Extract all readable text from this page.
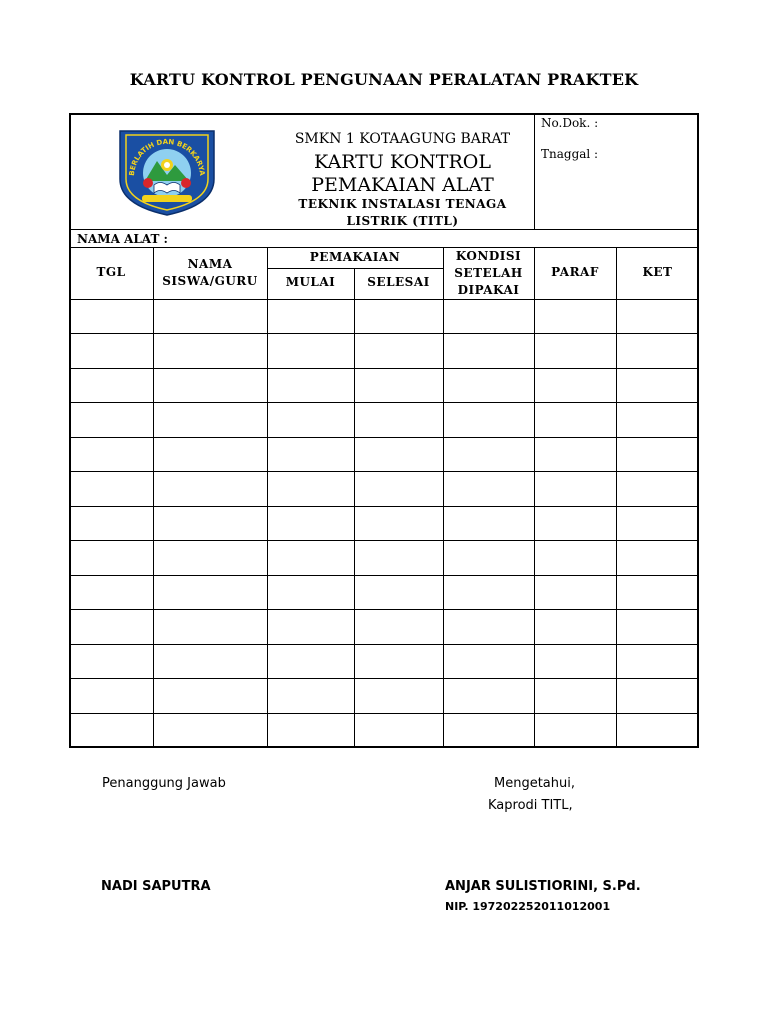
KARTU KONTROL PENGUNAAN PERALATAN PRAKTEK
BERLATIH DAN BERKARYA
SMKN 1 KOTAAGUNG BARAT
KARTU KONTROL
PEMAKAIAN ALAT
TEKNIK INSTALASI TENAGA
LISTRIK (TITL)
No.Dok. :
Tnaggal :
NAMA ALAT :
TGL
NAMA
SISWA/GURU
PEMAKAIAN
MULAI	SELESAI
KONDISI
SETELAH
DIPAKAI
PARAF	KET
Penanggung Jawab
NADI SAPUTRA
Mengetahui,
Kaprodi TITL,
ANJAR SULISTIORINI, S.Pd.
NIP. 197202252011012001
